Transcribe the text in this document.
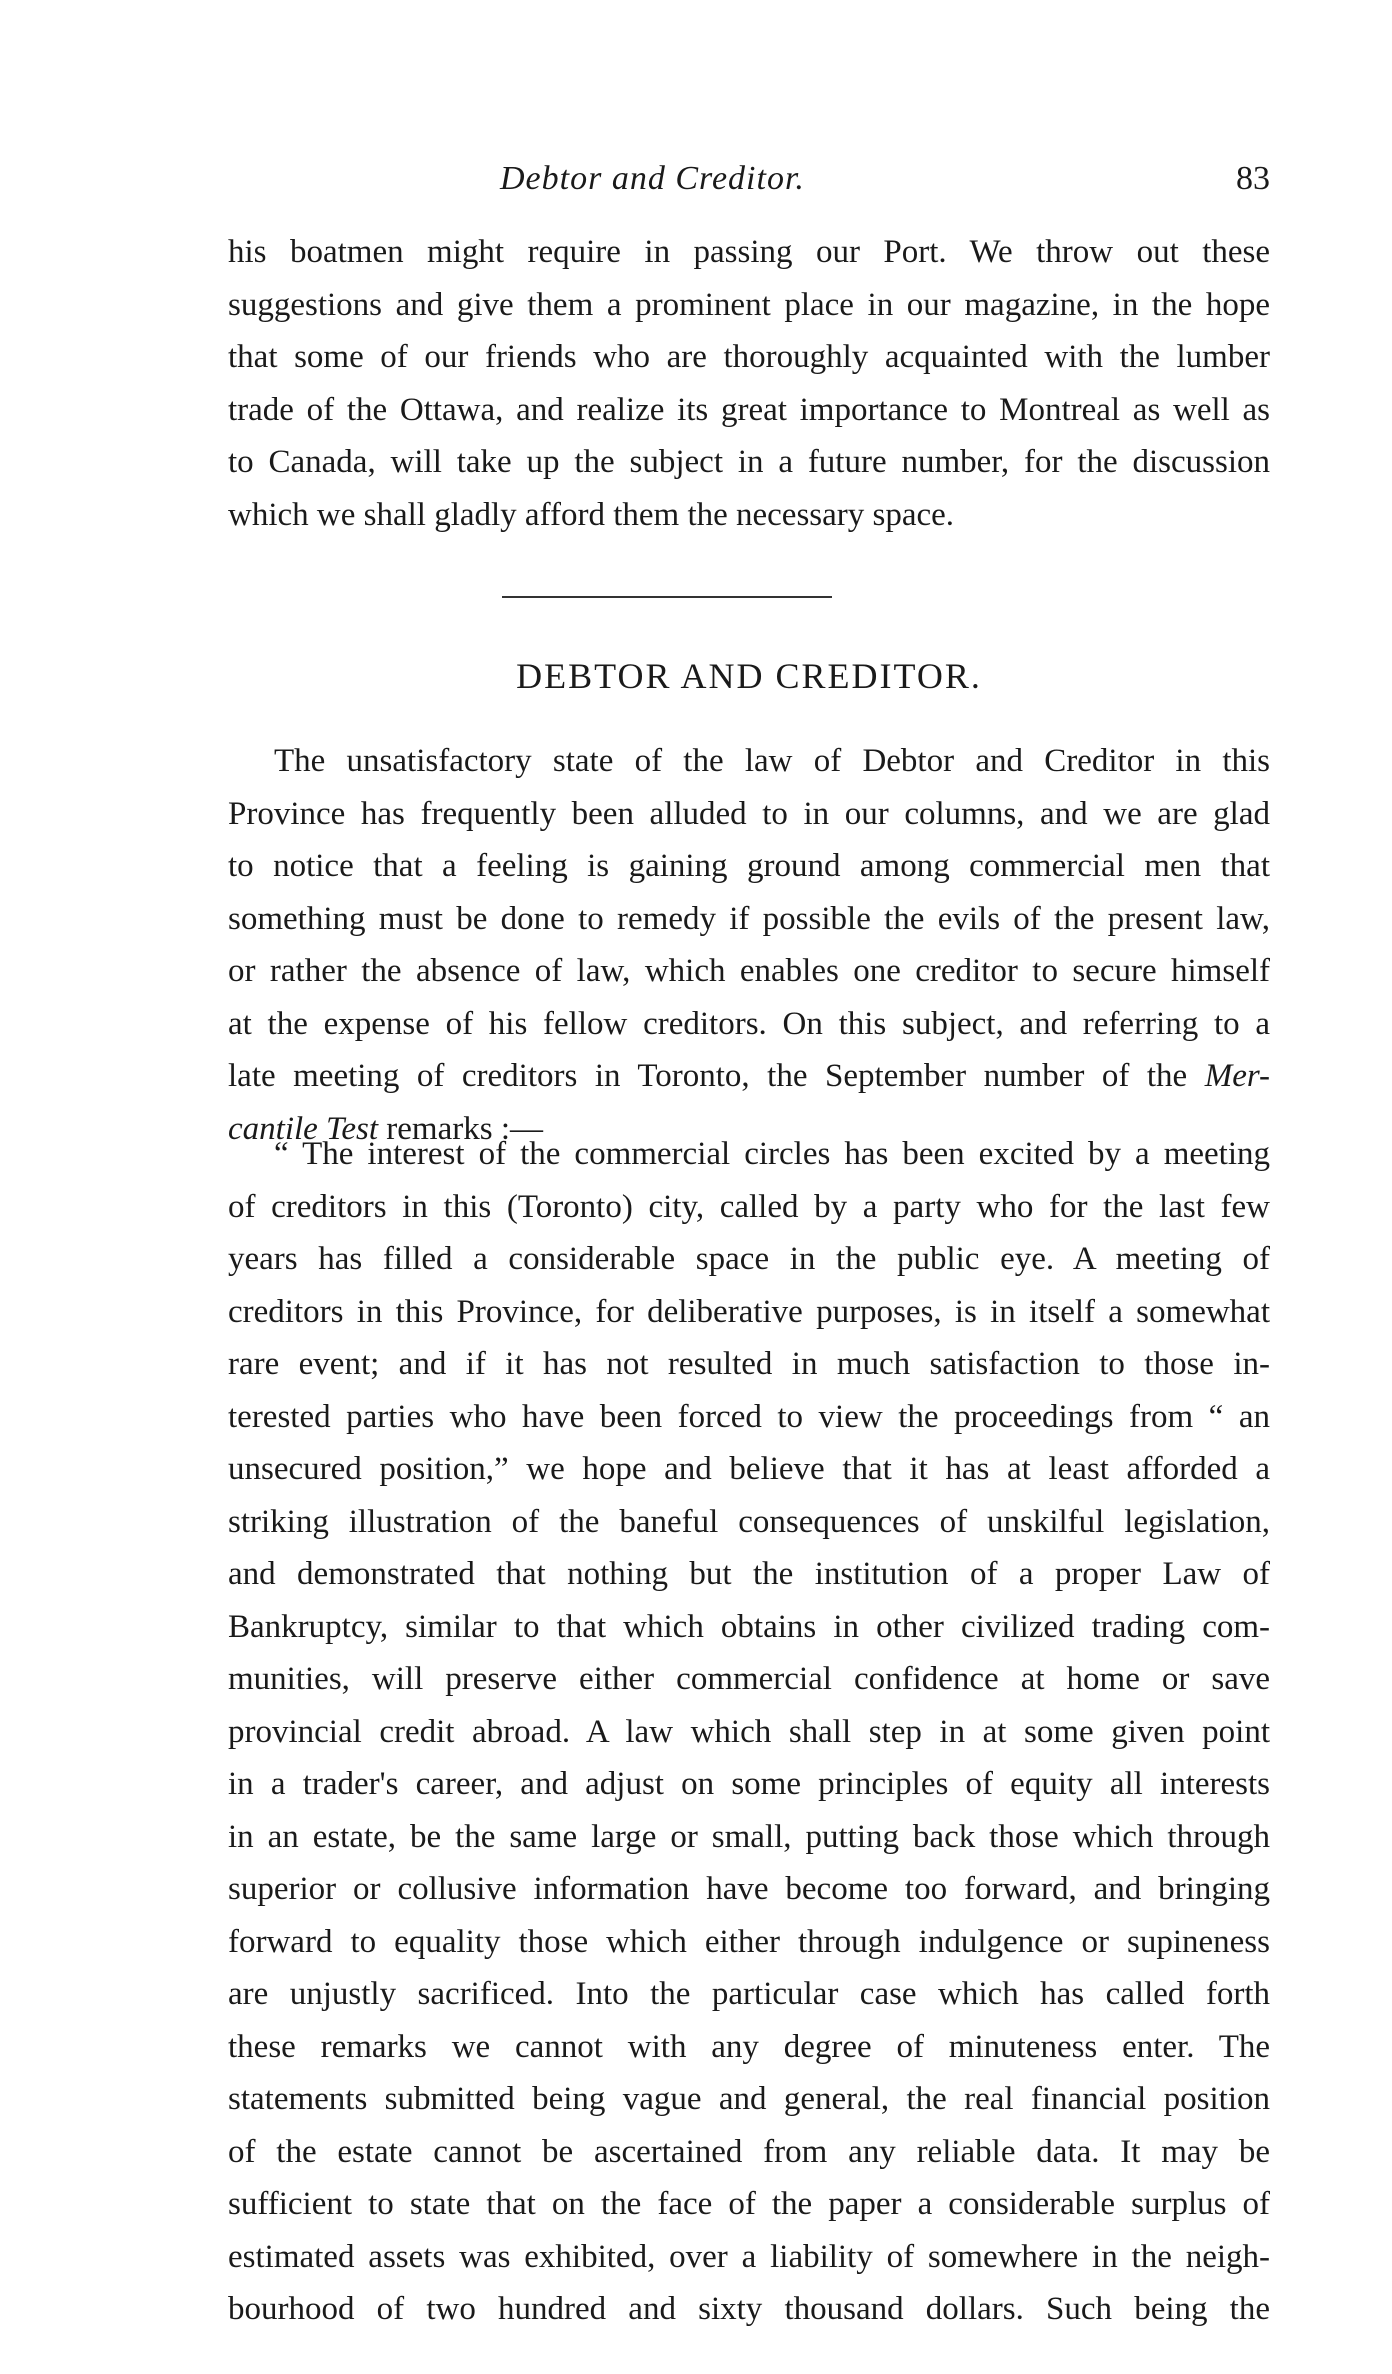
Debtor and Creditor.	83
his boatmen might require in passing our Port. We throw out these
suggestions and give them a prominent place in our magazine, in the hope
that some of our friends who are thoroughly acquainted with the lumber
trade of the Ottawa, and realize its great importance to Montreal as well as
to Canada, will take up the subject in a future number, for the discussion
which we shall gladly afford them the necessary space.
DEBTOR AND CREDITOR.
The unsatisfactory state of the law of Debtor and Creditor in this
Province has frequently been alluded to in our columns, and we are glad
to notice that a feeling is gaining ground among commercial men that
something must be done to remedy if possible the evils of the present law,
or rather the absence of law, which enables one creditor to secure himself
at the expense of his fellow creditors. On this subject, and referring to a
late meeting of creditors in Toronto, the September number of the Mer-
cantile Test remarks :—
“ The interest of the commercial circles has been excited by a meeting
of creditors in this (Toronto) city, called by a party who for the last few
years has filled a considerable space in the public eye. A meeting of
creditors in this Province, for deliberative purposes, is in itself a somewhat
rare event; and if it has not resulted in much satisfaction to those in-
terested parties who have been forced to view the proceedings from “ an
unsecured position,” we hope and believe that it has at least afforded a
striking illustration of the baneful consequences of unskilful legislation,
and demonstrated that nothing but the institution of a proper Law of
Bankruptcy, similar to that which obtains in other civilized trading com-
munities, will preserve either commercial confidence at home or save
provincial credit abroad. A law which shall step in at some given point
in a trader's career, and adjust on some principles of equity all interests
in an estate, be the same large or small, putting back those which through
superior or collusive information have become too forward, and bringing
forward to equality those which either through indulgence or supineness
are unjustly sacrificed. Into the particular case which has called forth
these remarks we cannot with any degree of minuteness enter. The
statements submitted being vague and general, the real financial position
of the estate cannot be ascertained from any reliable data. It may be
sufficient to state that on the face of the paper a considerable surplus of
estimated assets was exhibited, over a liability of somewhere in the neigh-
bourhood of two hundred and sixty thousand dollars. Such being the
